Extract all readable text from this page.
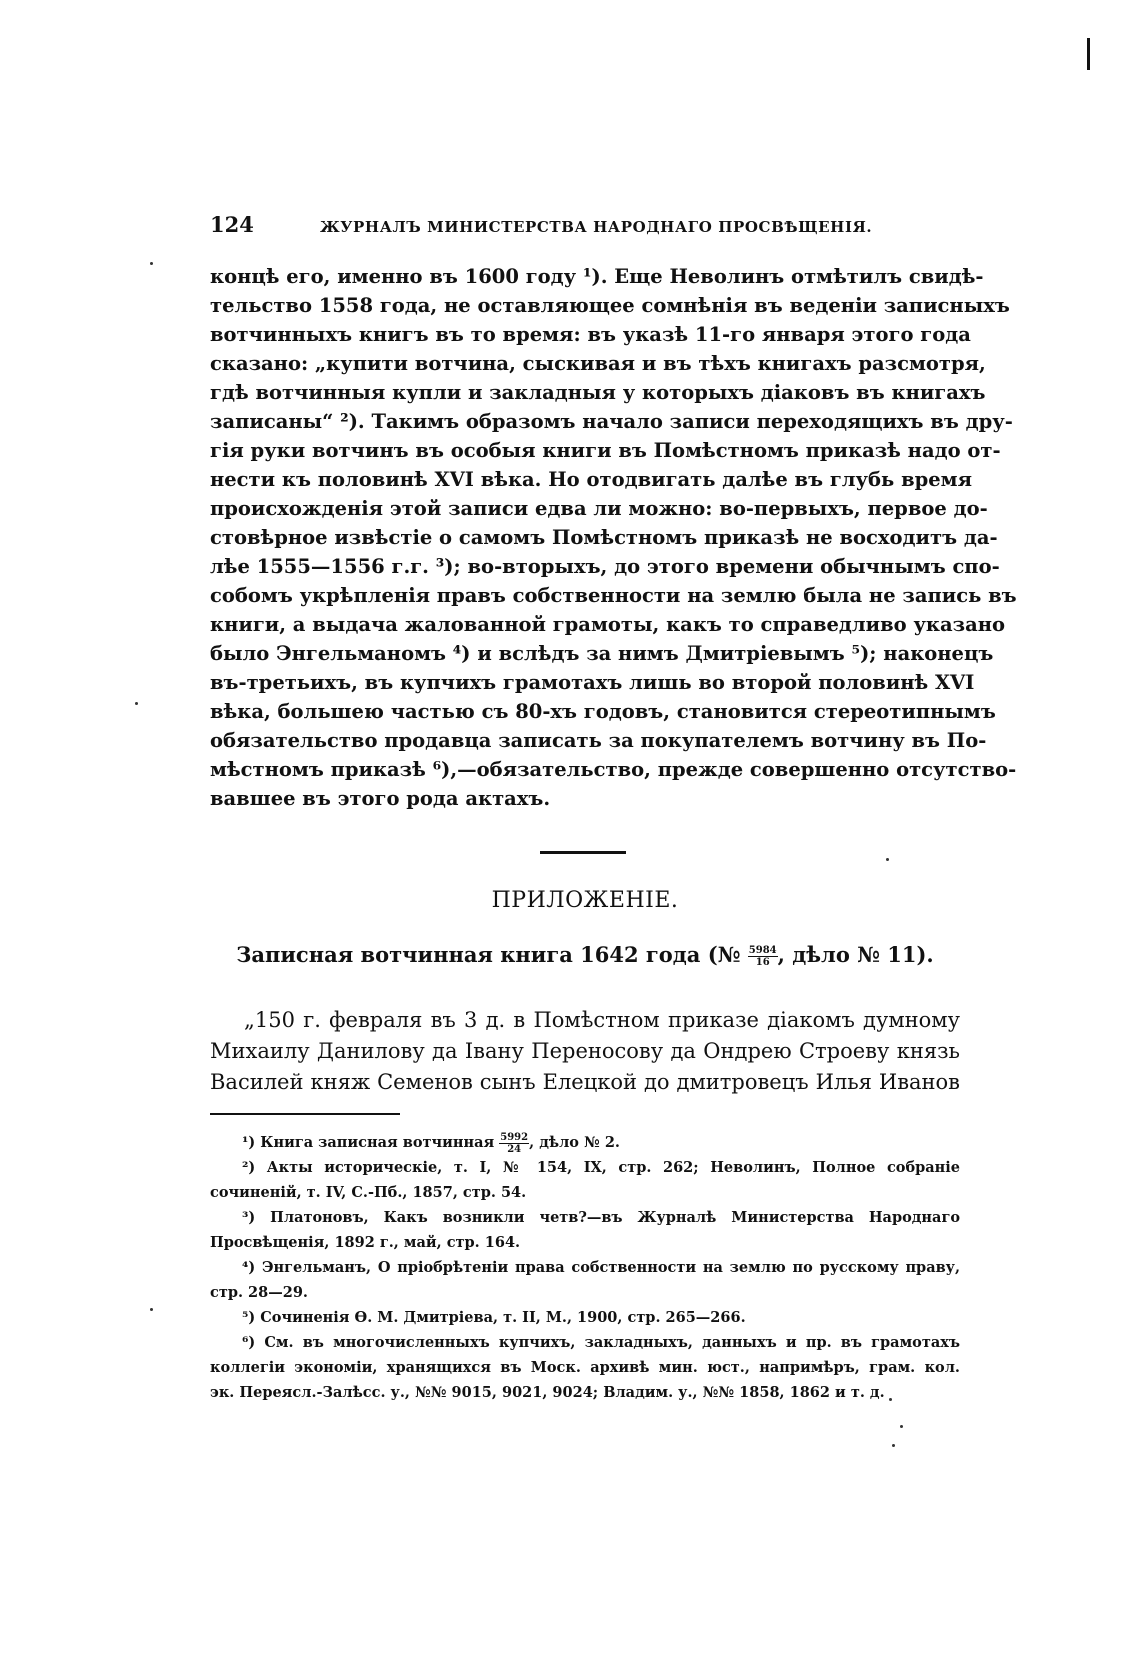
124	ЖУРНАЛЪ МИНИСТЕРСТВА НАРОДНАГО ПРОСВѢЩЕНІЯ.
концѣ его, именно въ 1600 году ¹). Еще Неволинъ отмѣтилъ свидѣ-
тельство 1558 года, не оставляющее сомнѣнія въ веденіи записныхъ
вотчинныхъ книгъ въ то время: въ указѣ 11-го января этого года
сказано: „купити вотчина, сыскивая и въ тѣхъ книгахъ разсмотря,
гдѣ вотчинныя купли и закладныя у которыхъ діаковъ въ книгахъ
записаны“ ²). Такимъ образомъ начало записи переходящихъ въ дру-
гія руки вотчинъ въ особыя книги въ Помѣстномъ приказѣ надо от-
нести къ половинѣ XVI вѣка. Но отодвигать далѣе въ глубь время
происхожденія этой записи едва ли можно: во-первыхъ, первое до-
стовѣрное извѣстіе о самомъ Помѣстномъ приказѣ не восходитъ да-
лѣе 1555—1556 г.г. ³); во-вторыхъ, до этого времени обычнымъ спо-
собомъ укрѣпленія правъ собственности на землю была не запись въ
книги, а выдача жалованной грамоты, какъ то справедливо указано
было Энгельманомъ ⁴) и вслѣдъ за нимъ Дмитріевымъ ⁵); наконецъ
въ-третьихъ, въ купчихъ грамотахъ лишь во второй половинѣ XVI
вѣка, большею частью съ 80-хъ годовъ, становится стереотипнымъ
обязательство продавца записать за покупателемъ вотчину въ По-
мѣстномъ приказѣ ⁶),—обязательство, прежде совершенно отсутство-
вавшее въ этого рода актахъ.
ПРИЛОЖЕНІЕ.
Записная вотчинная книга 1642 года (№ $\frac{5984}{16}$ , дѣло № 11).
„150 г. февраля въ 3 д. в Помѣстном приказе діакомъ думному
Михаилу Данилову да Івану Переносову да Ондрею Строеву князь
Василей княж Семенов сынъ Елецкой до дмитровецъ Илья Иванов
¹) Книга записная вотчинная $\frac{5992}{24}$ , дѣло № 2.
²) Акты историческіе, т. I, № 154, IX, стр. 262; Неволинъ, Полное собраніе
сочиненій, т. IV, С.-Пб., 1857, стр. 54.
³) Платоновъ, Какъ возникли четв?—въ Журналѣ Министерства Народнаго
Просвѣщенія, 1892 г., май, стр. 164.
⁴) Энгельманъ, О пріобрѣтеніи права собственности на землю по русскому праву,
стр. 28—29.
⁵) Сочиненія Ѳ. М. Дмитріева, т. II, М., 1900, стр. 265—266.
⁶) См. въ многочисленныхъ купчихъ, закладныхъ, данныхъ и пр. въ грамотахъ
коллегіи экономіи, хранящихся въ Моск. архивѣ мин. юст., напримѣръ, грам. кол.
эк. Переясл.-Залѣсс. у., №№ 9015, 9021, 9024; Владим. у., №№ 1858, 1862 и т. д.
